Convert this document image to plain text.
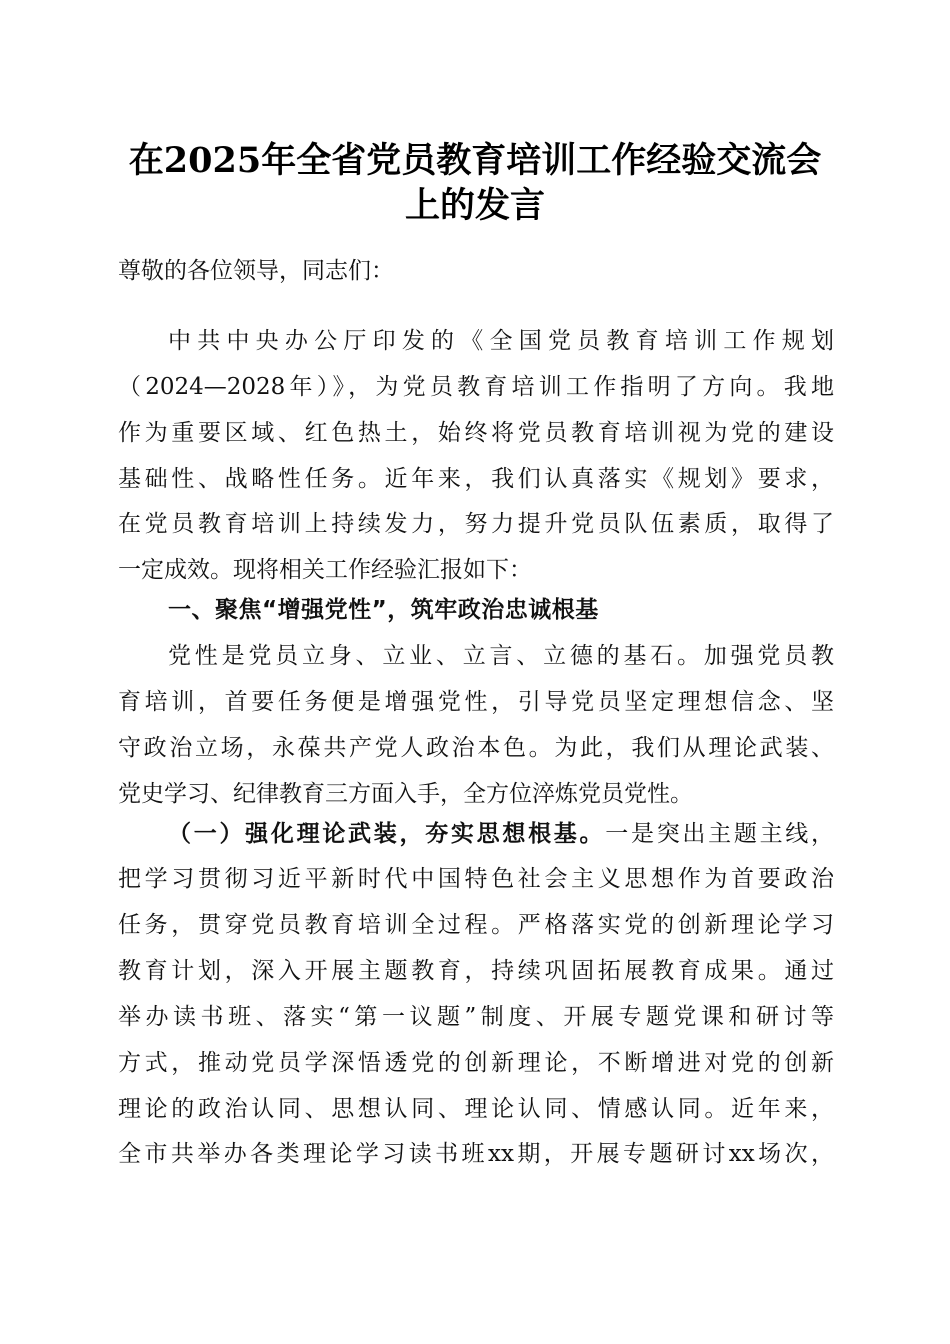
在2025年全省党员教育培训工作经验交流会
上的发言
尊敬的各位领导，同志们：
中共中央办公厅印发的《全国党员教育培训工作规划
（2024—2028年）》，为党员教育培训工作指明了方向。我地
作为重要区域、红色热土，始终将党员教育培训视为党的建设
基础性、战略性任务。近年来，我们认真落实《规划》要求，
在党员教育培训上持续发力，努力提升党员队伍素质，取得了
一定成效。现将相关工作经验汇报如下：
一、聚焦“增强党性”，筑牢政治忠诚根基
党性是党员立身、立业、立言、立德的基石。加强党员教
育培训，首要任务便是增强党性，引导党员坚定理想信念、坚
守政治立场，永葆共产党人政治本色。为此，我们从理论武装、
党史学习、纪律教育三方面入手，全方位淬炼党员党性。
（一）强化理论武装，夯实思想根基。一是突出主题主线，
把学习贯彻习近平新时代中国特色社会主义思想作为首要政治
任务，贯穿党员教育培训全过程。严格落实党的创新理论学习
教育计划，深入开展主题教育，持续巩固拓展教育成果。通过
举办读书班、落实“第一议题”制度、开展专题党课和研讨等
方式，推动党员学深悟透党的创新理论，不断增进对党的创新
理论的政治认同、思想认同、理论认同、情感认同。近年来，
全市共举办各类理论学习读书班xx期，开展专题研讨xx场次，
